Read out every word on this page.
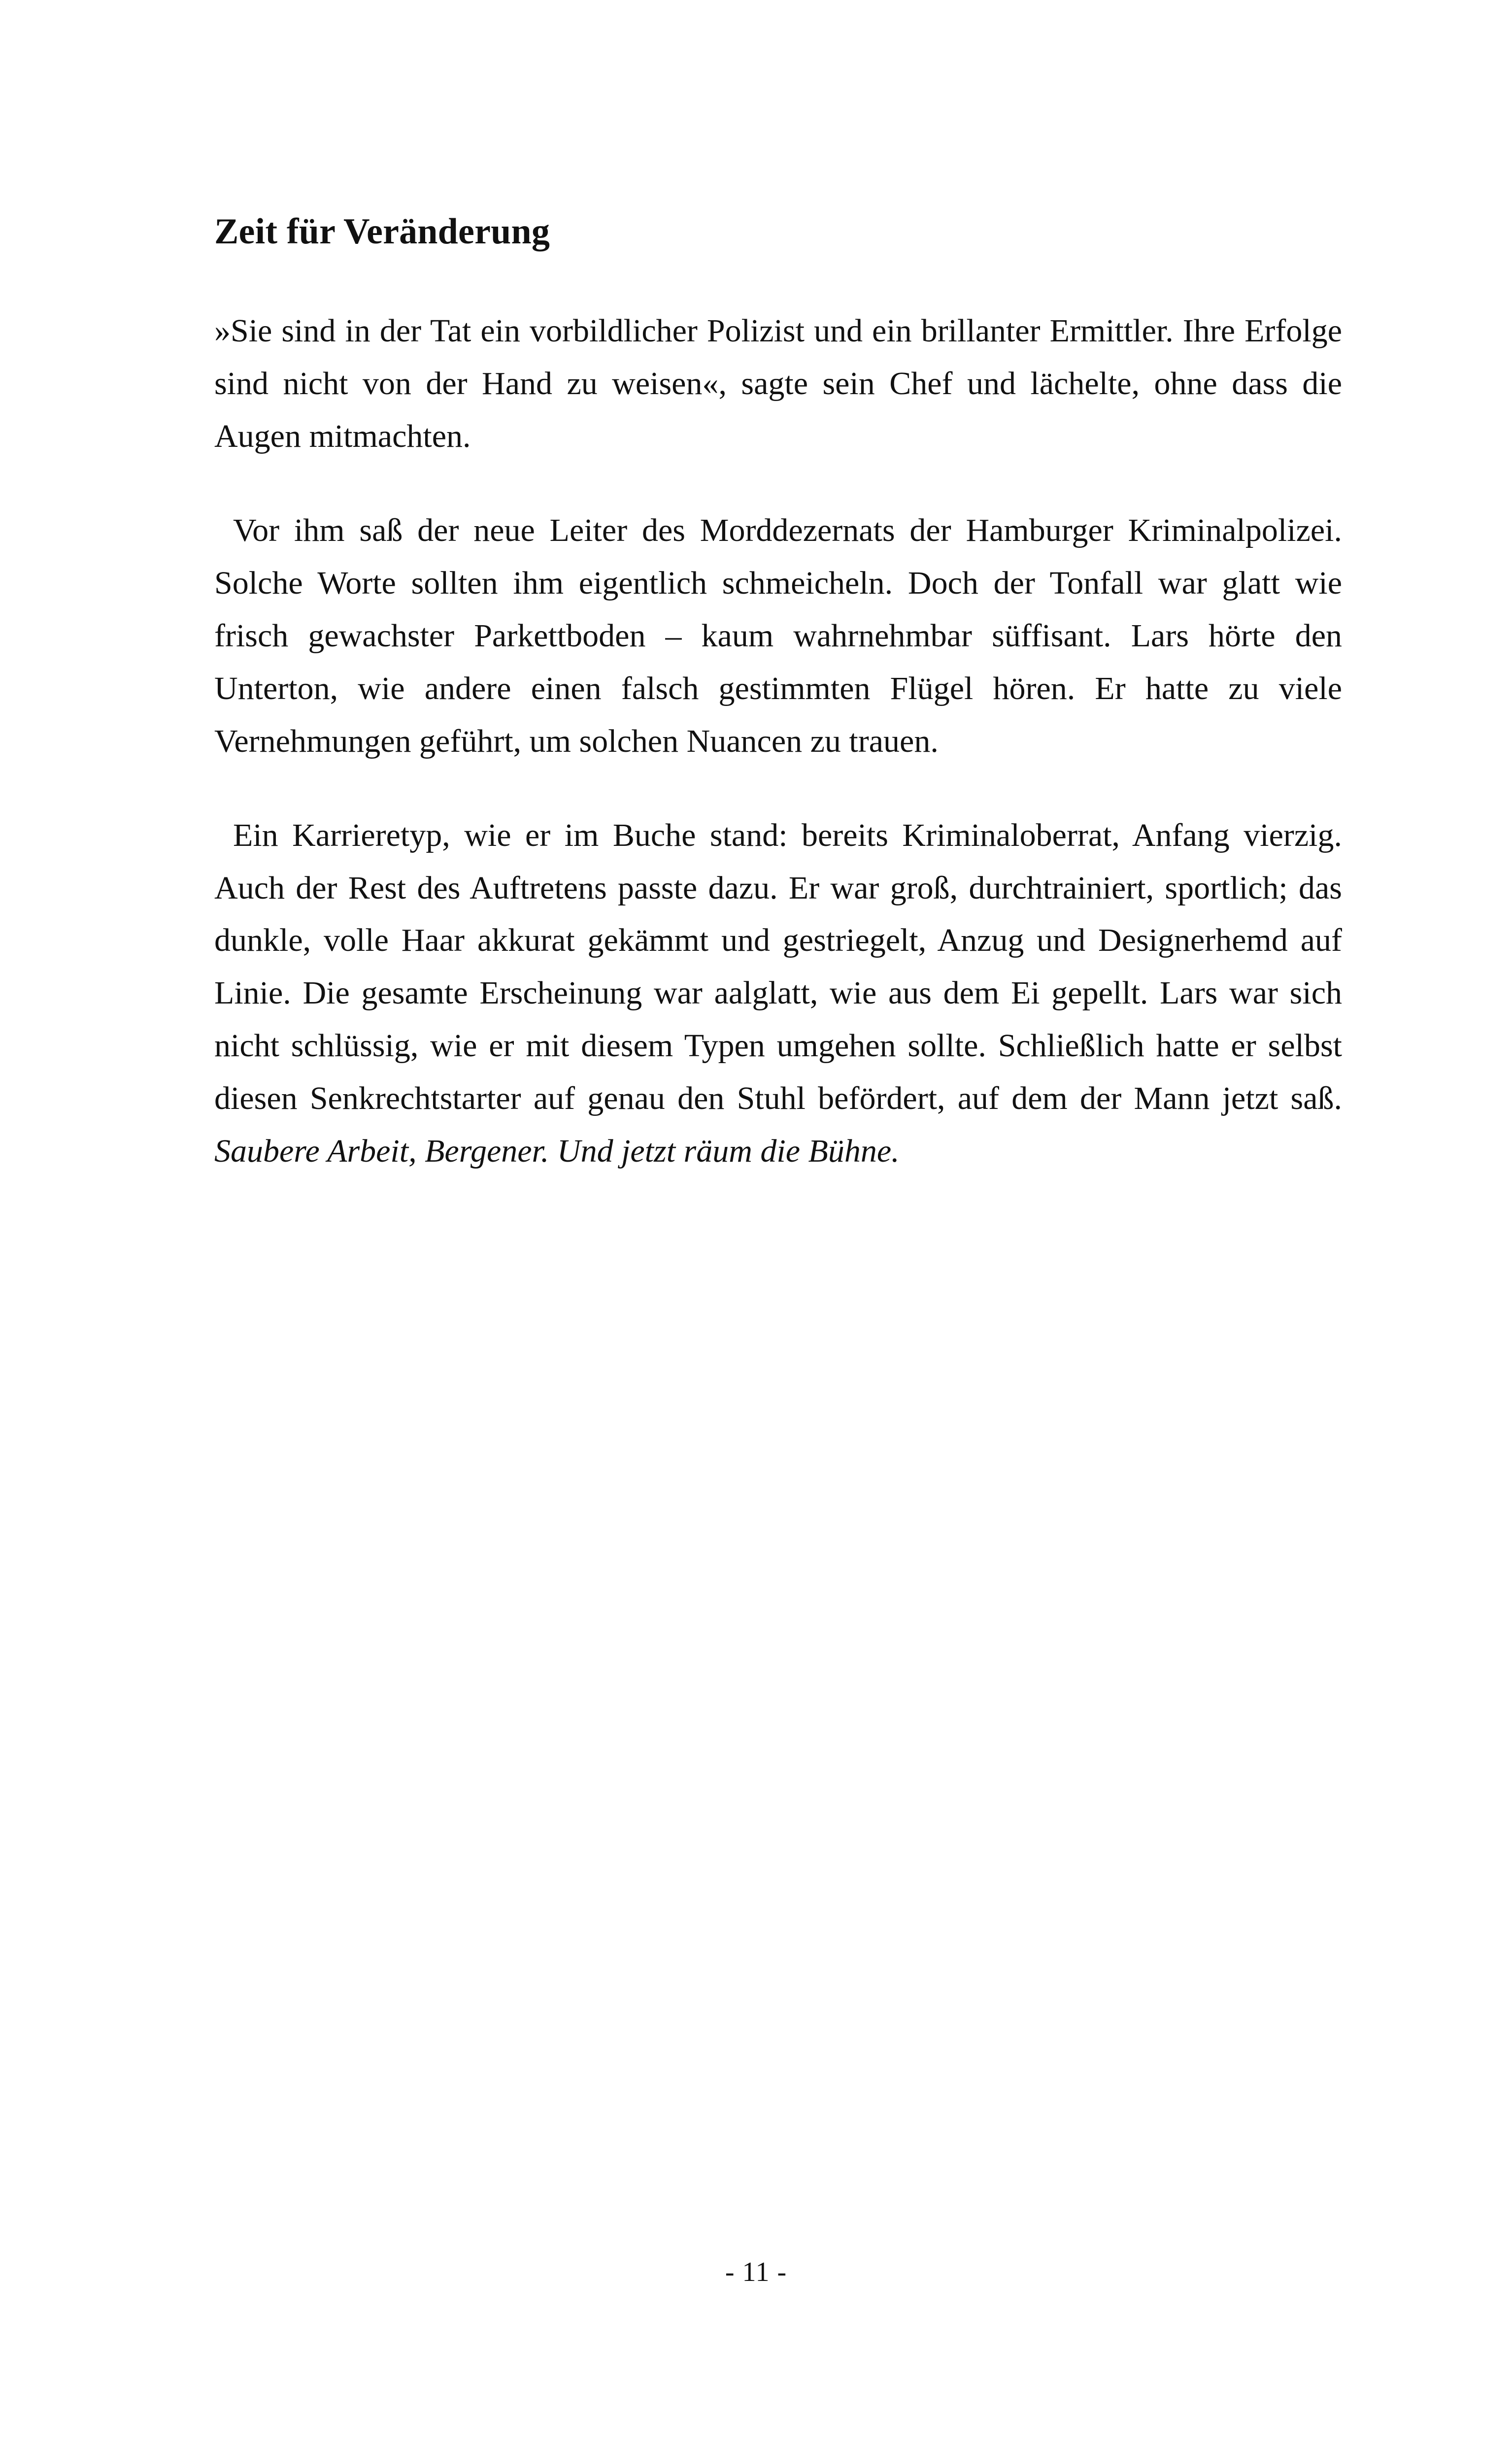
Zeit für Veränderung

»Sie sind in der Tat ein vorbildlicher Polizist und ein brillanter Ermittler. Ihre Erfolge sind nicht von der Hand zu weisen«, sagte sein Chef und lächelte, ohne dass die Augen mitmachten.

Vor ihm saß der neue Leiter des Morddezernats der Hamburger Kriminalpolizei. Solche Worte sollten ihm eigentlich schmeicheln. Doch der Tonfall war glatt wie frisch gewachster Parkettboden – kaum wahrnehmbar süffisant. Lars hörte den Unterton, wie andere einen falsch gestimmten Flügel hören. Er hatte zu viele Vernehmungen geführt, um solchen Nuancen zu trauen.

Ein Karrieretyp, wie er im Buche stand: bereits Kriminaloberrat, Anfang vierzig. Auch der Rest des Auftretens passte dazu. Er war groß, durchtrainiert, sportlich; das dunkle, volle Haar akkurat gekämmt und gestriegelt, Anzug und Designerhemd auf Linie. Die gesamte Erscheinung war aalglatt, wie aus dem Ei gepellt. Lars war sich nicht schlüssig, wie er mit diesem Typen umgehen sollte. Schließlich hatte er selbst diesen Senkrechtstarter auf genau den Stuhl befördert, auf dem der Mann jetzt saß. Saubere Arbeit, Bergener. Und jetzt räum die Bühne.

- 11 -
